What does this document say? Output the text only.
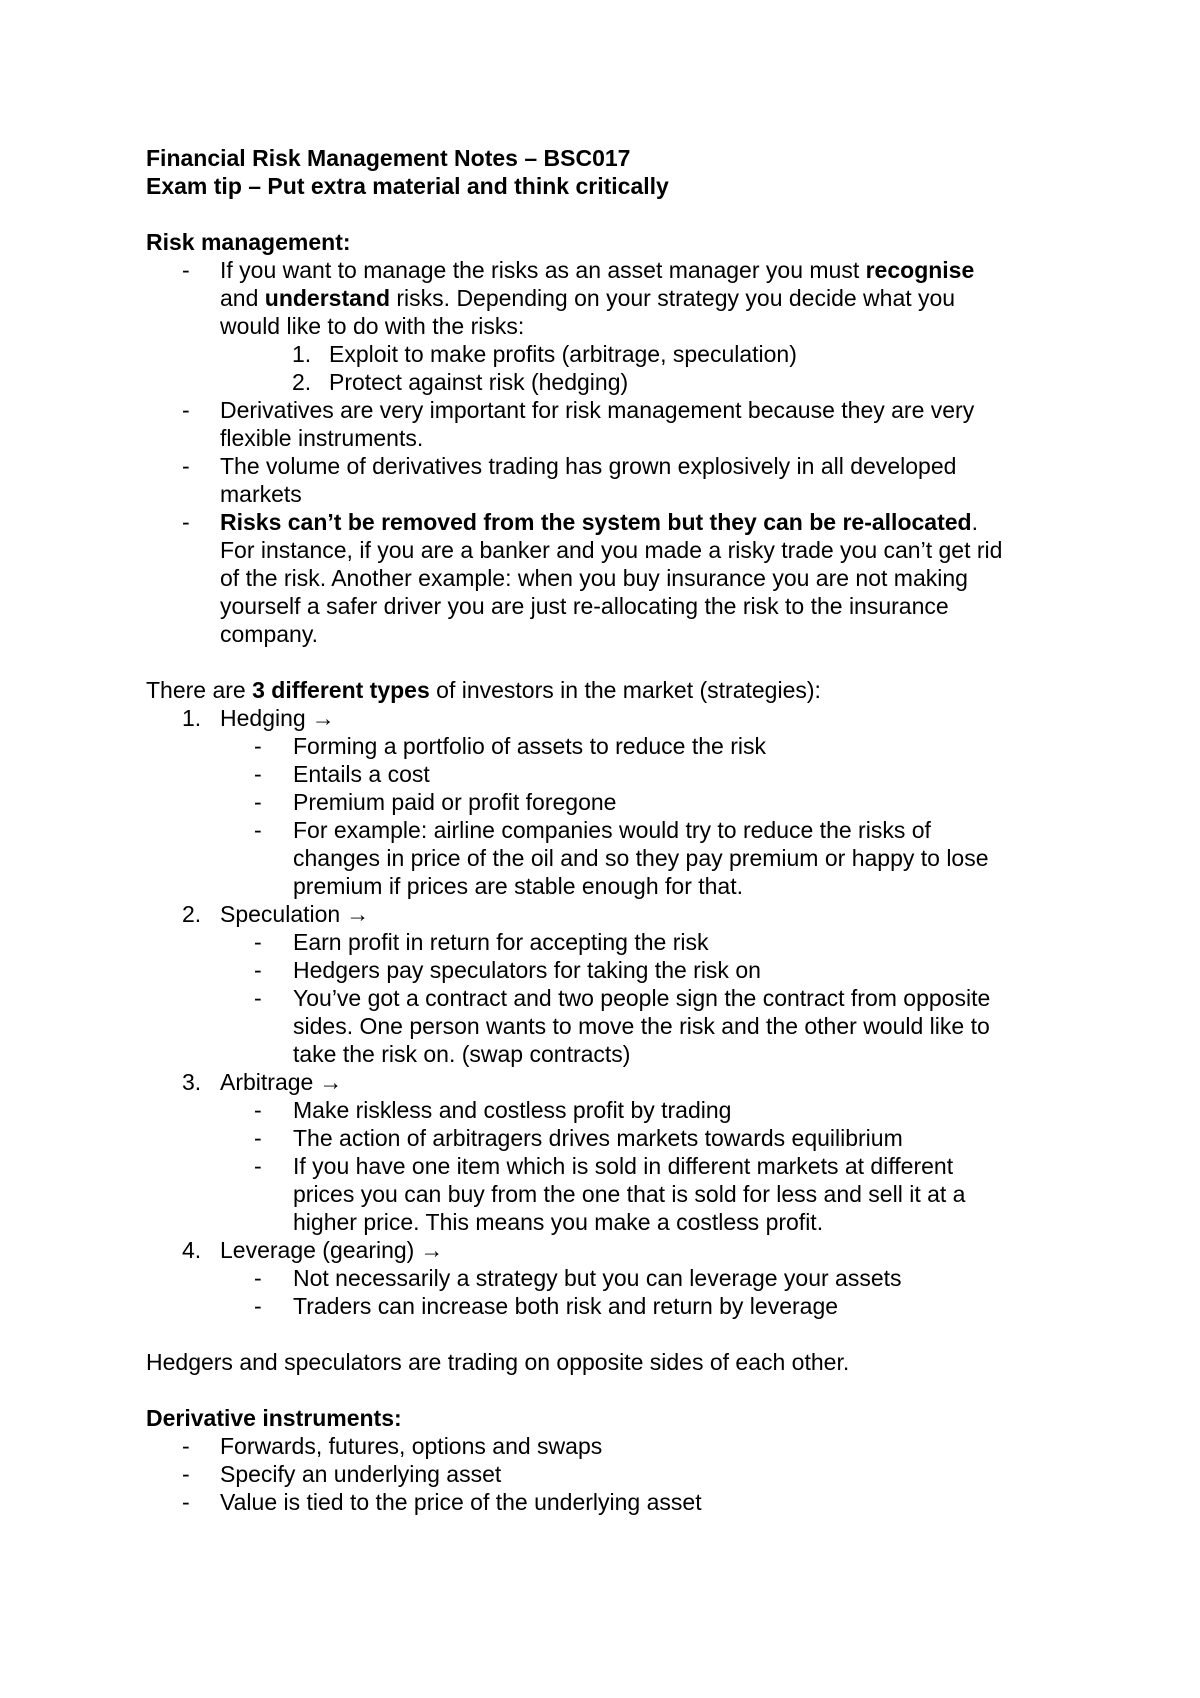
Financial Risk Management Notes – BSC017
Exam tip – Put extra material and think critically
Risk management:
- If you want to manage the risks as an asset manager you must recognise
and understand risks. Depending on your strategy you decide what you
would like to do with the risks:
1. Exploit to make profits (arbitrage, speculation)
2. Protect against risk (hedging)
- Derivatives are very important for risk management because they are very
flexible instruments.
- The volume of derivatives trading has grown explosively in all developed
markets
- Risks can’t be removed from the system but they can be re-allocated.
For instance, if you are a banker and you made a risky trade you can’t get rid
of the risk. Another example: when you buy insurance you are not making
yourself a safer driver you are just re-allocating the risk to the insurance
company.
There are 3 different types of investors in the market (strategies):
1. Hedging →
- Forming a portfolio of assets to reduce the risk
- Entails a cost
- Premium paid or profit foregone
- For example: airline companies would try to reduce the risks of
changes in price of the oil and so they pay premium or happy to lose
premium if prices are stable enough for that.
2. Speculation →
- Earn profit in return for accepting the risk
- Hedgers pay speculators for taking the risk on
- You’ve got a contract and two people sign the contract from opposite
sides. One person wants to move the risk and the other would like to
take the risk on. (swap contracts)
3. Arbitrage →
- Make riskless and costless profit by trading
- The action of arbitragers drives markets towards equilibrium
- If you have one item which is sold in different markets at different
prices you can buy from the one that is sold for less and sell it at a
higher price. This means you make a costless profit.
4. Leverage (gearing) →
- Not necessarily a strategy but you can leverage your assets
- Traders can increase both risk and return by leverage
Hedgers and speculators are trading on opposite sides of each other.
Derivative instruments:
- Forwards, futures, options and swaps
- Specify an underlying asset
- Value is tied to the price of the underlying asset
